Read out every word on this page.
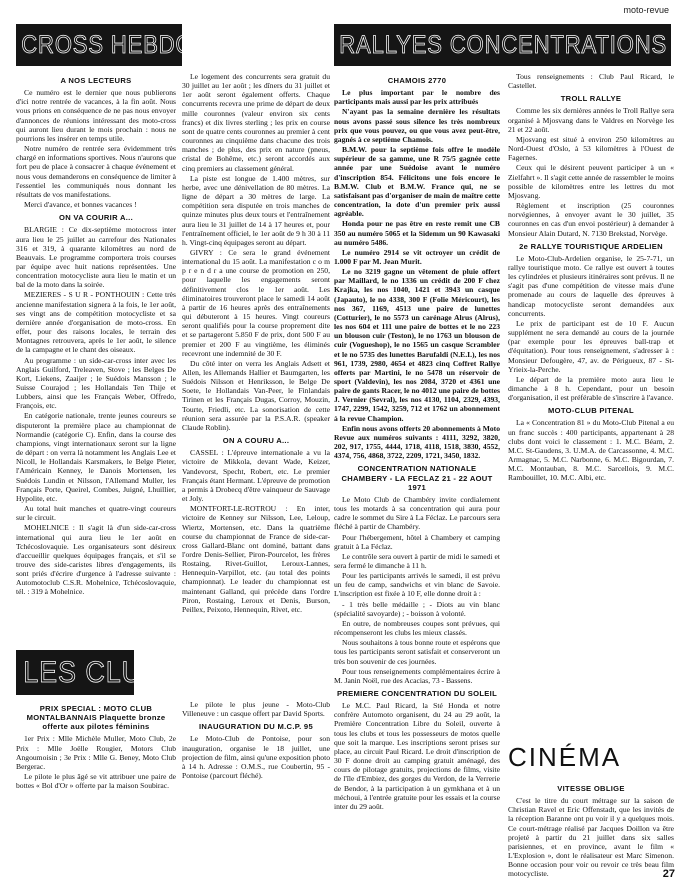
moto-revue
CROSS HEBDO	RALLYES CONCENTRATIONS
LES CLUBS
A NOS LECTEURS

Ce numéro est le dernier que nous publierons d'ici notre rentrée de vacances, à la fin août. Nous vous prions en conséquence de ne pas nous envoyer d'annonces de réunions intéressant des moto-cross qui auront lieu durant le mois prochain : nous ne pourrions les insérer en temps utile.

Notre numéro de rentrée sera évidemment très chargé en informations sportives. Nous n'aurons que fort peu de place à consacrer à chaque événement et nous vous demanderons en conséquence de limiter à l'essentiel les communiqués nous donnant les résultats de vos manifestations.

Merci d'avance, et bonnes vacances !

ON VA COURIR A...

BLARGIE : Ce dix-septième motocross inter aura lieu le 25 juillet au carrefour des Nationales 316 et 319, à quarante kilomètres au nord de Beauvais. Le programme comportera trois courses par équipe avec huit nations représentées. Une concentration motocycliste aura lieu le matin et un bal de la moto dans la soirée.

MEZIERES - S U R - PONTHOUIN : Cette très ancienne manifestation signera à la fois, le 1er août, ses vingt ans de compétition motocycliste et sa dernière année d'organisation de moto-cross. En effet, pour des raisons locales, le terrain des Montagnes retrouvera, après le 1er août, le silence de la campagne et le chant des oiseaux.

Au programme : un side-car-cross inter avec les Anglais Guilford, Treleaven, Stove ; les Belges De Kort, Liekens, Zaaijer ; le Suédois Mansson ; le Suisse Courajod ; les Hollandais Ten Thije et Lubbers, ainsi que les Français Weber, Offredo, François, etc.

En catégorie nationale, trente jeunes coureurs se disputeront la première place au championnat de Normandie (catégorie C). Enfin, dans la course des champions, vingt internationaux seront sur la ligne de départ : on verra là notamment les Anglais Lee et Nicoll, le Hollandais Karsmakers, le Belge Pieter, l'Américain Kenney, le Danois Mortensen, les Suédois Lundin et Nilsson, l'Allemand Muller, les Français Porte, Queirel, Combes, Juigné, Lhuillier, Hypolite, etc.

Au total huit manches et quatre-vingt coureurs sur le circuit.

MOHELNICE : Il s'agit là d'un side-car-cross international qui aura lieu le 1er août en Tchécoslovaquie. Les organisateurs sont désireux d'accueillir quelques équipages français, et s'il se trouve des side-caristes libres d'engagements, ils sont priés d'écrire d'urgence à l'adresse suivante : Automotoclub C.S.R. Mohelnice, Tchécoslovaquie, tél. : 319 à Mohelnice.

Le logement des concurrents sera gratuit du 30 juillet au 1er août ; les dîners du 31 juillet et 1er août seront également offerts. Chaque concurrents recevra une prime de départ de deux mille couronnes (valeur environ six cents francs) et dix livres sterling ; les prix en course sont de quatre cents couronnes au premier à cent couronnes au cinquième dans chacune des trois manches ; de plus, des prix en nature (pneus, cristal de Bohême, etc.) seront accordés aux cinq premiers au classement général.

La piste est longue de 1.400 mètres, sur herbe, avec une dénivellation de 80 mètres. La ligne de départ a 30 mètres de large. La compétition sera disputée en trois manches de quinze minutes plus deux tours et l'entraînement aura lieu le 31 juillet de 14 à 17 heures et, pour l'entraînement officiel, le 1er août de 9 h 30 à 11 h. Vingt-cinq équipages seront au départ.

GIVRY : Ce sera le grand événement international du 15 août. La manifestation c o m p r e n d r a une course de promotion en 250, pour laquelle les engagements seront définitivement clos le 1er août. Les éliminatoires trouveront place le samedi 14 août à partir de 16 heures après des entraînements qui débuteront à 15 heures. Vingt coureurs seront qualifiés pour la course proprement dite et se partageront 5.850 F de prix, dont 500 F au premier et 200 F au vingtième, les éliminés recevront une indemnité de 30 F.

Du côté inter on verra les Anglais Adsett et Allen, les Allemands Hallier et Baumgarten, les Suédois Nilsson et Henriksson, le Belge De Soete, le Hollandais Van-Peer, le Finlandais Tirinen et les Français Dugas, Corroy, Mouzin, Tourte, Friedli, etc. La sonorisation de cette réunion sera assurée par la P.S.A.R. (speaker Claude Roblin).

ON A COURU A...

CASSEL : L'épreuve internationale a vu la victoire de Mikkola, devant Wade, Keizer, Vandevorst, Specht, Robert, etc. Le premier Français étant Hermant. L'épreuve de promotion a permis à Drobecq d'être vainqueur de Sauvage et Joly.

MONTFORT-LE-ROTROU : En inter, victoire de Kenney sur Nilsson, Lee, Leloup, Wiertz, Mortensen, etc. Dans la quatrième course du championnat de France de side-car-cross Gallard-Blanc ont dominé, battant dans l'ordre Denis-Sellier, Piron-Pourcelot, les frères Rostaing, Rivet-Guillot, Leroux-Lannes, Hennequin-Varpillot, etc. (au total des points championnat). Le leader du championnat est maintenant Galland, qui précède dans l'ordre Piron, Rostaing, Leroux et Denis, Burson, Peillex, Peixoto, Hennequin, Rivet, etc.

CHAMOIS 2770

Le plus important par le nombre des participants mais aussi par les prix attribués

N'ayant pas la semaine dernière les résultats nous avons passé sous silence les très nombreux prix que vous pouvez, ou que vous avez peut-être, gagnés à ce septième Chamois.

B.M.W. pour la septième fois offre le modèle supérieur de sa gamme, une R 75/5 gagnée cette année par une Suédoise avant le numéro d'inscription 854. Félicitons une fois encore le B.M.W. Club et B.M.W. France qui, ne se satisfaisant pas d'organiser de main de maître cette concentration, la dote d'un premier prix aussi agréable.

Honda pour ne pas être en reste remit une CB 350 au numéro 5065 et la Sidemm un 90 Kawasaki au numéro 5486.

Le numéro 2914 se vit octroyer un crédit de 1.000 F par M. Jean Murit.

Le no 3219 gagne un vêtement de pluie offert par Maillard, le no 1336 un crédit de 200 F chez Krajka, les nos 1040, 1421 et 3943 un casque (Japauto), le no 4338, 300 F (Folie Méricourt), les nos 367, 1169, 4513 une paire de lunettes (Cotturier), le no 5573 un carénage Alrus (Alrus), les nos 604 et 111 une paire de bottes et le no 223 un blouson cuir (Teston), le no 1763 un blouson de cuir (Vogueshop), le no 1565 un casque Scrambler et le no 5735 des lunettes Barufaldi (N.E.I.), les nos 961, 1739, 2980, 4654 et 4823 cinq Coffret Rallye offerts par Martini, le no 5478 un réservoir de sport (Valdevin), les nos 2084, 3720 et 4361 une paire de gants Racer, le no 4012 une paire de bottes J. Vernier (Sevral), les nos 4130, 1104, 2329, 4393, 1747, 2299, 1542, 3259, 712 et 1762 un abonnement à la revue Champion.

Enfin nous avons offerts 20 abonnements à Moto Revue aux numéros suivants : 4111, 3292, 3820, 202, 917, 1755, 4444, 1718, 4118, 1518, 3830, 4552, 4374, 756, 4868, 3722, 2209, 1721, 3450, 1832.

CONCENTRATION NATIONALE CHAMBERY - LA FECLAZ 21 - 22 AOUT 1971

Le Moto Club de Chambéry invite cordialement tous les motards à sa concentration qui aura pour cadre le sommet du Sire à La Féclaz. Le parcours sera fléché à partir de Chambéry.

Pour l'hébergement, hôtel à Chambery et camping gratuit à La Féclaz.

Le contrôle sera ouvert à partir de midi le samedi et sera fermé le dimanche à 11 h.

Pour les participants arrivés le samedi, il est prévu un feu de camp, sandwichs et vin blanc de Savoie. L'inscription est fixée à 10 F, elle donne droit à :

- 1 très belle médaille ; - Diots au vin blanc (spécialité savoyarde) ; - boisson à volonté.

En outre, de nombreuses coupes sont prévues, qui récompenseront les clubs les mieux classés.

Nous souhaitons à tous bonne route et espérons que tous les participants seront satisfait et conserveront un très bon souvenir de ces journées.

Pour tous renseignements complémentaires écrire à M. Janin Noël, rue des Acacias, 73 - Bassens.

PREMIERE CONCENTRATION DU SOLEIL

Le M.C. Paul Ricard, la Sté Honda et notre confrère Automoto organisent, du 24 au 29 août, la Première Concentration Libre du Soleil, ouverte à tous les clubs et tous les possesseurs de motos quelle que soit la marque. Les inscriptions seront prises sur place, au circuit Paul Ricard. Le droit d'inscription de 30 F donne droit au camping gratuit aménagé, des cours de pilotage gratuits, projections de films, visite de l'île d'Embiez, des gorges du Verdon, de la Verrerie de Bendor, à la participation à un gymkhana et à un méchoui, à l'entrée gratuite pour les essais et la course inter du 29 août.

Tous renseignements : Club Paul Ricard, le Castellet.

TROLL RALLYE

Comme les six dernières années le Troll Rallye sera organisé à Mjosvang dans le Valdres en Norvège les 21 et 22 août.

Mjosvang est situé à environ 250 kilomètres au Nord-Ouest d'Oslo, à 53 kilomètres à l'Ouest de Fagernes.

Ceux qui le désirent peuvent participer à un « Zielfahrt ». Il s'agit cette année de rassembler le moins possible de kilomètres entre les lettres du mot Mjosvang.

Règlement et inscription (25 couronnes norvégiennes, à envoyer avant le 30 juillet, 35 couronnes en cas d'un envoi postérieur) à demander à Monsieur Alain Dutard, N. 7130 Brekstad, Norvège.

2e RALLYE TOURISTIQUE ARDELIEN

Le Moto-Club-Ardelien organise, le 25-7-71, un rallye touristique moto. Ce rallye est ouvert à toutes les cylindrées et plusieurs itinéraires sont prévus. Il ne s'agit pas d'une compétition de vitesse mais d'une promenade au cours de laquelle des épreuves à handicap motocycliste seront demandées aux concurrents.

Le prix de participant est de 10 F. Aucun supplément ne sera demandé au cours de la journée (par exemple pour les épreuves ball-trap et d'équitation). Pour tous renseignement, s'adresser à : Monsieur Defougère, 47, av. de Périgueux, 87 - St-Yrieix-la-Perche.

Le départ de la première moto aura lieu le dimanche à 8 h. Cependant, pour un besoin d'organisation, il est préférable de s'inscrire à l'avance.

MOTO-CLUB PITENAL

La « Concentration 81 » du Moto-Club Pitenal a eu un franc succès : 400 participants, appartenant à 28 clubs dont voici le classement : 1. M.C. Béarn, 2. M.C. St-Gaudens, 3. U.M.A. de Carcassonne, 4. M.C. Armagnac, 5. M.C. Narbonne, 6. M.C. Bigourdan, 7. M.C. Montauban, 8. M.C. Sarcellois, 9. M.C. Rambouillet, 10. M.C. Albi, etc.

PRIX SPECIAL : MOTO CLUB MONTALBANNAIS Plaquette bronze offerte aux pilotes féminins

1er Prix : Mlle Michèle Muller, Moto Club, 2e Prix : Mlle Joëlle Rougier, Motors Club Angoumoisin ; 3e Prix : Mlle G. Beney, Moto Club Bergerac.

Le pilote le plus âgé se vit attribuer une paire de bottes « Bol d'Or » offerte par la maison Soubirac.

Le pilote le plus jeune - Moto-Club Villeneuve : un casque offert par David Sports.

INAUGURATION DU M.C.P. 95

Le Moto-Club de Pontoise, pour son inauguration, organise le 18 juillet, une projection de film, ainsi qu'une exposition photo à 14 h. Adresse : O.M.S., rue Coubertin, 95 - Pontoise (parcourt fléché).

CINÉMA
VITESSE OBLIGE

C'est le titre du court métrage sur la saison de Christian Ravel et Eric Offenstadt, que les invités de la réception Baranne ont pu voir il y a quelques mois. Ce court-métrage réalisé par Jacques Doillon va être projeté à partir du 21 juillet dans six salles parisiennes, et en province, avant le film « L'Explosion », dont le réalisateur est Marc Simenon. Bonne occasion pour voir ou revoir ce très beau film motocycliste.	27
